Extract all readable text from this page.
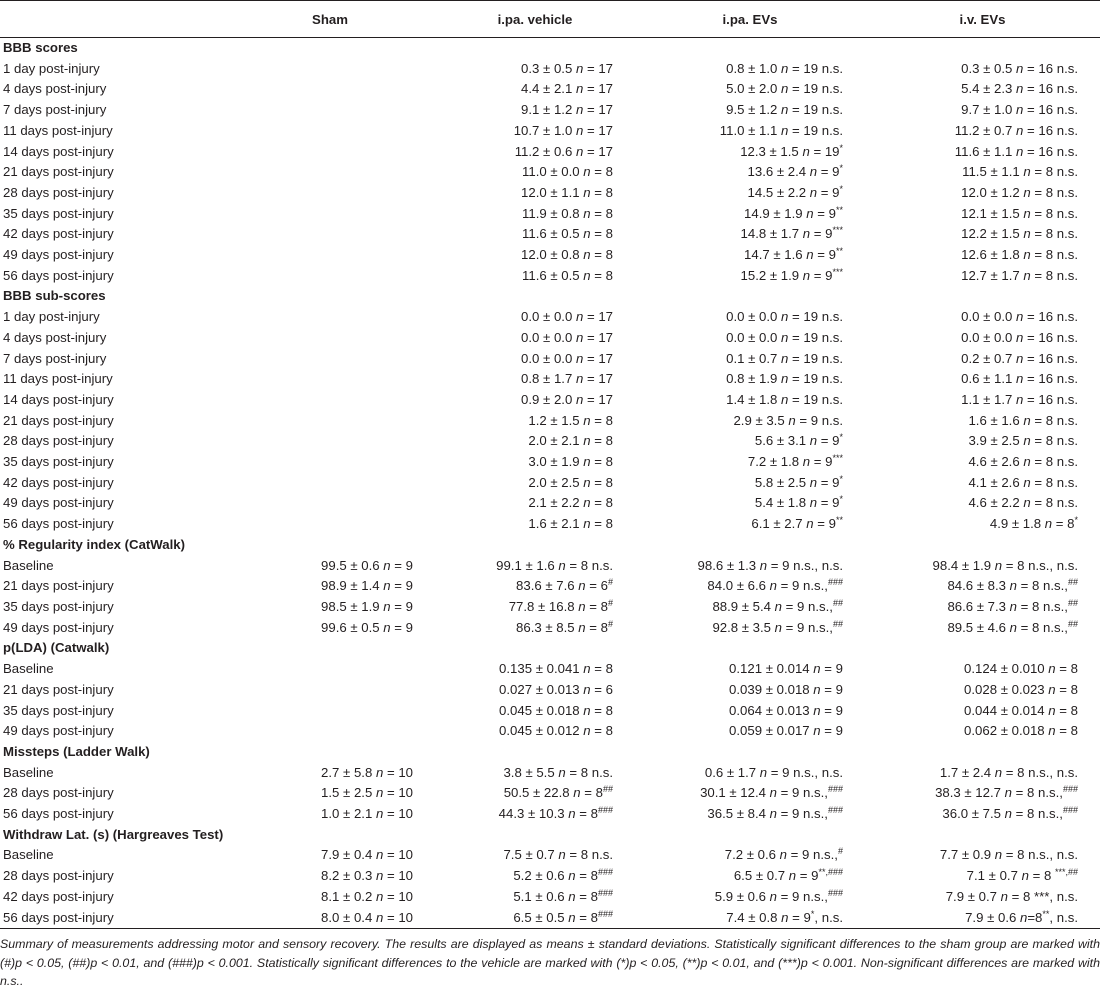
	Sham	i.pa. vehicle	i.pa. EVs	i.v. EVs
BBB scores				
1 day post-injury		0.3 ± 0.5 n = 17	0.8 ± 1.0 n = 19 n.s.	0.3 ± 0.5 n = 16 n.s.
4 days post-injury		4.4 ± 2.1 n = 17	5.0 ± 2.0 n = 19 n.s.	5.4 ± 2.3 n = 16 n.s.
7 days post-injury		9.1 ± 1.2 n = 17	9.5 ± 1.2 n = 19 n.s.	9.7 ± 1.0 n = 16 n.s.
11 days post-injury		10.7 ± 1.0 n = 17	11.0 ± 1.1 n = 19 n.s.	11.2 ± 0.7 n = 16 n.s.
14 days post-injury		11.2 ± 0.6 n = 17	12.3 ± 1.5 n = 19*	11.6 ± 1.1 n = 16 n.s.
21 days post-injury		11.0 ± 0.0 n = 8	13.6 ± 2.4 n = 9*	11.5 ± 1.1 n = 8 n.s.
28 days post-injury		12.0 ± 1.1 n = 8	14.5 ± 2.2 n = 9*	12.0 ± 1.2 n = 8 n.s.
35 days post-injury		11.9 ± 0.8 n = 8	14.9 ± 1.9 n = 9**	12.1 ± 1.5 n = 8 n.s.
42 days post-injury		11.6 ± 0.5 n = 8	14.8 ± 1.7 n = 9***	12.2 ± 1.5 n = 8 n.s.
49 days post-injury		12.0 ± 0.8 n = 8	14.7 ± 1.6 n = 9**	12.6 ± 1.8 n = 8 n.s.
56 days post-injury		11.6 ± 0.5 n = 8	15.2 ± 1.9 n = 9***	12.7 ± 1.7 n = 8 n.s.
BBB sub-scores				
1 day post-injury		0.0 ± 0.0 n = 17	0.0 ± 0.0 n = 19 n.s.	0.0 ± 0.0 n = 16 n.s.
4 days post-injury		0.0 ± 0.0 n = 17	0.0 ± 0.0 n = 19 n.s.	0.0 ± 0.0 n = 16 n.s.
7 days post-injury		0.0 ± 0.0 n = 17	0.1 ± 0.7 n = 19 n.s.	0.2 ± 0.7 n = 16 n.s.
11 days post-injury		0.8 ± 1.7 n = 17	0.8 ± 1.9 n = 19 n.s.	0.6 ± 1.1 n = 16 n.s.
14 days post-injury		0.9 ± 2.0 n = 17	1.4 ± 1.8 n = 19 n.s.	1.1 ± 1.7 n = 16 n.s.
21 days post-injury		1.2 ± 1.5 n = 8	2.9 ± 3.5 n = 9 n.s.	1.6 ± 1.6 n = 8 n.s.
28 days post-injury		2.0 ± 2.1 n = 8	5.6 ± 3.1 n = 9*	3.9 ± 2.5 n = 8 n.s.
35 days post-injury		3.0 ± 1.9 n = 8	7.2 ± 1.8 n = 9***	4.6 ± 2.6 n = 8 n.s.
42 days post-injury		2.0 ± 2.5 n = 8	5.8 ± 2.5 n = 9*	4.1 ± 2.6 n = 8 n.s.
49 days post-injury		2.1 ± 2.2 n = 8	5.4 ± 1.8 n = 9*	4.6 ± 2.2 n = 8 n.s.
56 days post-injury		1.6 ± 2.1 n = 8	6.1 ± 2.7 n = 9**	4.9 ± 1.8 n = 8*
% Regularity index (CatWalk)				
Baseline	99.5 ± 0.6 n = 9	99.1 ± 1.6 n = 8 n.s.	98.6 ± 1.3 n = 9 n.s., n.s.	98.4 ± 1.9 n = 8 n.s., n.s.
21 days post-injury	98.9 ± 1.4 n = 9	83.6 ± 7.6 n = 6#	84.0 ± 6.6 n = 9 n.s.,###	84.6 ± 8.3 n = 8 n.s.,##
35 days post-injury	98.5 ± 1.9 n = 9	77.8 ± 16.8 n = 8#	88.9 ± 5.4 n = 9 n.s.,##	86.6 ± 7.3 n = 8 n.s.,##
49 days post-injury	99.6 ± 0.5 n = 9	86.3 ± 8.5 n = 8#	92.8 ± 3.5 n = 9 n.s.,##	89.5 ± 4.6 n = 8 n.s.,##
p(LDA) (Catwalk)				
Baseline		0.135 ± 0.041 n = 8	0.121 ± 0.014 n = 9	0.124 ± 0.010 n = 8
21 days post-injury		0.027 ± 0.013 n = 6	0.039 ± 0.018 n = 9	0.028 ± 0.023 n = 8
35 days post-injury		0.045 ± 0.018 n = 8	0.064 ± 0.013 n = 9	0.044 ± 0.014 n = 8
49 days post-injury		0.045 ± 0.012 n = 8	0.059 ± 0.017 n = 9	0.062 ± 0.018 n = 8
Missteps (Ladder Walk)				
Baseline	2.7 ± 5.8 n = 10	3.8 ± 5.5 n = 8 n.s.	0.6 ± 1.7 n = 9 n.s., n.s.	1.7 ± 2.4 n = 8 n.s., n.s.
28 days post-injury	1.5 ± 2.5 n = 10	50.5 ± 22.8 n = 8##	30.1 ± 12.4 n = 9 n.s.,###	38.3 ± 12.7 n = 8 n.s.,###
56 days post-injury	1.0 ± 2.1 n = 10	44.3 ± 10.3 n = 8###	36.5 ± 8.4 n = 9 n.s.,###	36.0 ± 7.5 n = 8 n.s.,###
Withdraw Lat. (s) (Hargreaves Test)				
Baseline	7.9 ± 0.4 n = 10	7.5 ± 0.7 n = 8 n.s.	7.2 ± 0.6 n = 9 n.s.,#	7.7 ± 0.9 n = 8 n.s., n.s.
28 days post-injury	8.2 ± 0.3 n = 10	5.2 ± 0.6 n = 8###	6.5 ± 0.7 n = 9**,###	7.1 ± 0.7 n = 8 ***,##
42 days post-injury	8.1 ± 0.2 n = 10	5.1 ± 0.6 n = 8###	5.9 ± 0.6 n = 9 n.s.,###	7.9 ± 0.7 n = 8 ***, n.s.
56 days post-injury	8.0 ± 0.4 n = 10	6.5 ± 0.5 n = 8###	7.4 ± 0.8 n = 9*, n.s.	7.9 ± 0.6 n=8**, n.s.

Summary of measurements addressing motor and sensory recovery. The results are displayed as means ± standard deviations. Statistically significant differences to the sham group are marked with (#)p < 0.05, (##)p < 0.01, and (###)p < 0.001. Statistically significant differences to the vehicle are marked with (*)p < 0.05, (**)p < 0.01, and (***)p < 0.001. Non-significant differences are marked with n.s..
